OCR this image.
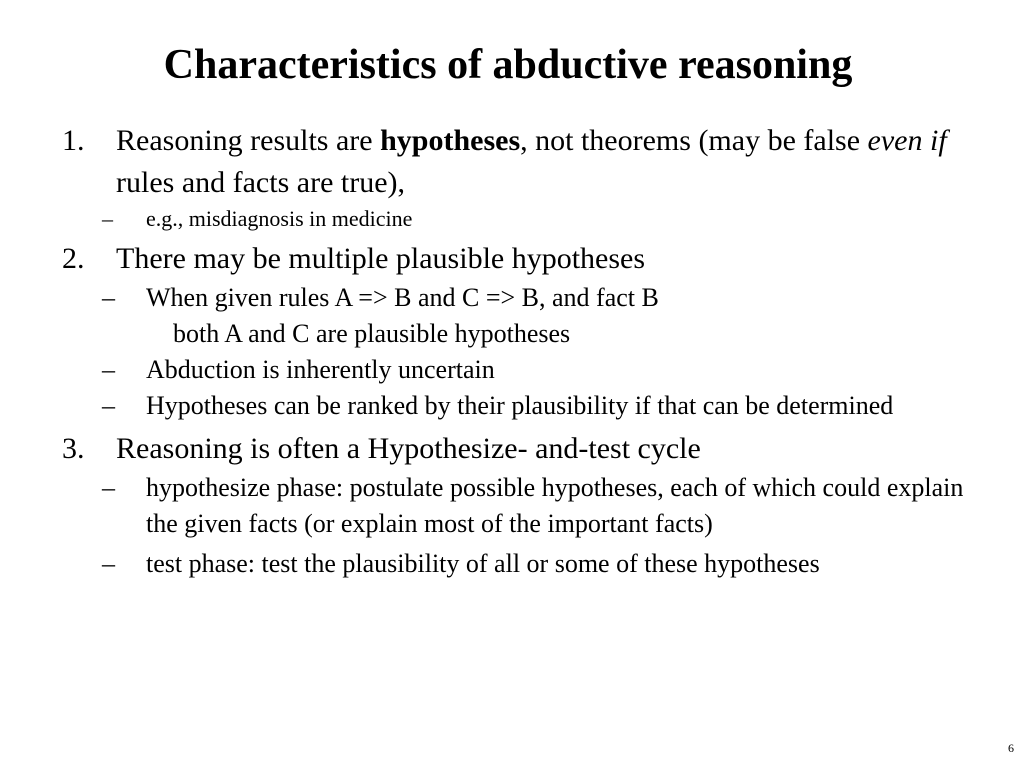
Characteristics of abductive reasoning
1.	Reasoning results are hypotheses, not theorems (may be false even if rules and facts are true),
–	e.g., misdiagnosis in medicine
2.	There may be multiple plausible hypotheses
–	When given rules A => B and C => B, and fact B
both A and C are plausible hypotheses
–	Abduction is inherently uncertain
–	Hypotheses can be ranked by their plausibility if that can be determined
3.	Reasoning is often a Hypothesize- and-test cycle
–	hypothesize phase: postulate possible hypotheses, each of which could explain the given facts (or explain most of the important facts)
–	test phase: test the plausibility of all or some of these hypotheses
6
